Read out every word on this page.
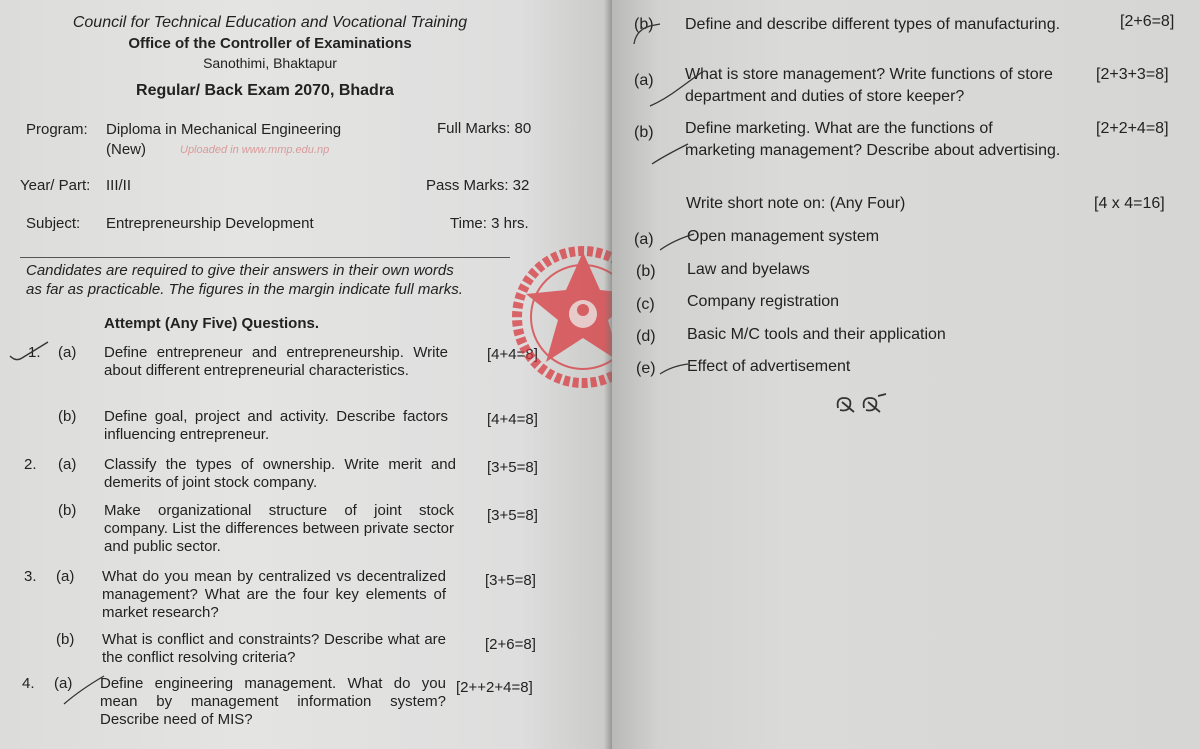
Council for Technical Education and Vocational Training
Office of the Controller of Examinations
Sanothimi, Bhaktapur
Regular/ Back Exam 2070, Bhadra
Program: Diploma in Mechanical Engineering
(New)	Uploaded in www.mmp.edu.np
Full Marks: 80
Year/ Part: III/II	Pass Marks: 32
Subject: Entrepreneurship Development	Time: 3 hrs.
Candidates are required to give their answers in their own words
as far as practicable. The figures in the margin indicate full marks.
Attempt (Any Five) Questions.
1. (a) Define entrepreneur and entrepreneurship. Write about different entrepreneurial characteristics.
[4+4=8]
(b) Define goal, project and activity. Describe factors influencing entrepreneur.
[4+4=8]
2. (a) Classify the types of ownership. Write merit and demerits of joint stock company.
[3+5=8]
(b) Make organizational structure of joint stock company. List the differences between private sector and public sector.
[3+5=8]
3. (a) What do you mean by centralized vs decentralized management? What are the four key elements of market research?
[3+5=8]
(b) What is conflict and constraints? Describe what are the conflict resolving criteria?
[2+6=8]
4. (a) Define engineering management. What do you mean by management information system? Describe need of MIS?
[2++2+4=8]
(b) Define and describe different types of manufacturing.	[2+6=8]
(a) What is store management? Write functions of store department and duties of store keeper?
[2+3+3=8]
(b) Define marketing. What are the functions of marketing management? Describe about advertising.
[2+2+4=8]
Write short note on: (Any Four)	[4 x 4=16]
(a) Open management system
(b) Law and byelaws
(c) Company registration
(d) Basic M/C tools and their application
(e) Effect of advertisement
